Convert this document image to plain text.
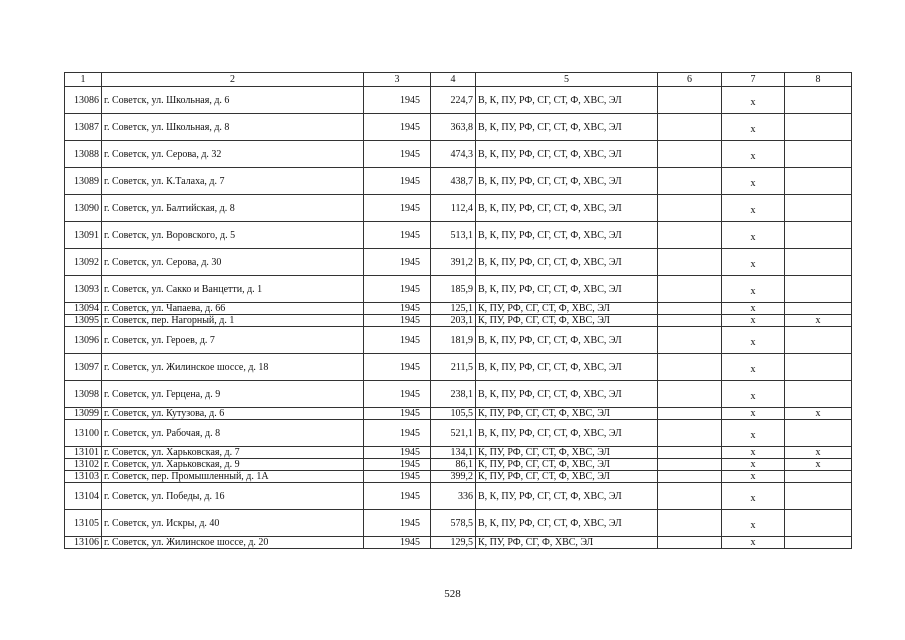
1	2	3	4	5	6	7	8
13086	г. Советск, ул. Школьная, д. 6	1945	224,7	В, К, ПУ, РФ, СГ, СТ, Ф, ХВС, ЭЛ		x	
13087	г. Советск, ул. Школьная, д. 8	1945	363,8	В, К, ПУ, РФ, СГ, СТ, Ф, ХВС, ЭЛ		x	
13088	г. Советск, ул. Серова, д. 32	1945	474,3	В, К, ПУ, РФ, СГ, СТ, Ф, ХВС, ЭЛ		x	
13089	г. Советск, ул. К.Талаха, д. 7	1945	438,7	В, К, ПУ, РФ, СГ, СТ, Ф, ХВС, ЭЛ		x	
13090	г. Советск, ул. Балтийская, д. 8	1945	112,4	В, К, ПУ, РФ, СГ, СТ, Ф, ХВС, ЭЛ		x	
13091	г. Советск, ул. Воровского, д. 5	1945	513,1	В, К, ПУ, РФ, СГ, СТ, Ф, ХВС, ЭЛ		x	
13092	г. Советск, ул. Серова, д. 30	1945	391,2	В, К, ПУ, РФ, СГ, СТ, Ф, ХВС, ЭЛ		x	
13093	г. Советск, ул. Сакко и Ванцетти, д. 1	1945	185,9	В, К, ПУ, РФ, СГ, СТ, Ф, ХВС, ЭЛ		x	
13094	г. Советск, ул. Чапаева, д. 66	1945	125,1	К, ПУ, РФ, СГ, СТ, Ф, ХВС, ЭЛ		x	
13095	г. Советск, пер. Нагорный, д. 1	1945	203,1	К, ПУ, РФ, СГ, СТ, Ф, ХВС, ЭЛ		x	x
13096	г. Советск, ул. Героев, д. 7	1945	181,9	В, К, ПУ, РФ, СГ, СТ, Ф, ХВС, ЭЛ		x	
13097	г. Советск, ул. Жилинское шоссе, д. 18	1945	211,5	В, К, ПУ, РФ, СГ, СТ, Ф, ХВС, ЭЛ		x	
13098	г. Советск, ул. Герцена, д. 9	1945	238,1	В, К, ПУ, РФ, СГ, СТ, Ф, ХВС, ЭЛ		x	
13099	г. Советск, ул. Кутузова, д. 6	1945	105,5	К, ПУ, РФ, СГ, СТ, Ф, ХВС, ЭЛ		x	x
13100	г. Советск, ул. Рабочая, д. 8	1945	521,1	В, К, ПУ, РФ, СГ, СТ, Ф, ХВС, ЭЛ		x	
13101	г. Советск, ул. Харьковская, д. 7	1945	134,1	К, ПУ, РФ, СГ, СТ, Ф, ХВС, ЭЛ		x	x
13102	г. Советск, ул. Харьковская, д. 9	1945	86,1	К, ПУ, РФ, СГ, СТ, Ф, ХВС, ЭЛ		x	x
13103	г. Советск, пер. Промышленный, д. 1А	1945	399,2	К, ПУ, РФ, СГ, СТ, Ф, ХВС, ЭЛ		x	
13104	г. Советск, ул. Победы, д. 16	1945	336	В, К, ПУ, РФ, СГ, СТ, Ф, ХВС, ЭЛ		x	
13105	г. Советск, ул. Искры, д. 40	1945	578,5	В, К, ПУ, РФ, СГ, СТ, Ф, ХВС, ЭЛ		x	
13106	г. Советск, ул. Жилинское шоссе, д. 20	1945	129,5	К, ПУ, РФ, СГ, Ф, ХВС, ЭЛ		x	
528
